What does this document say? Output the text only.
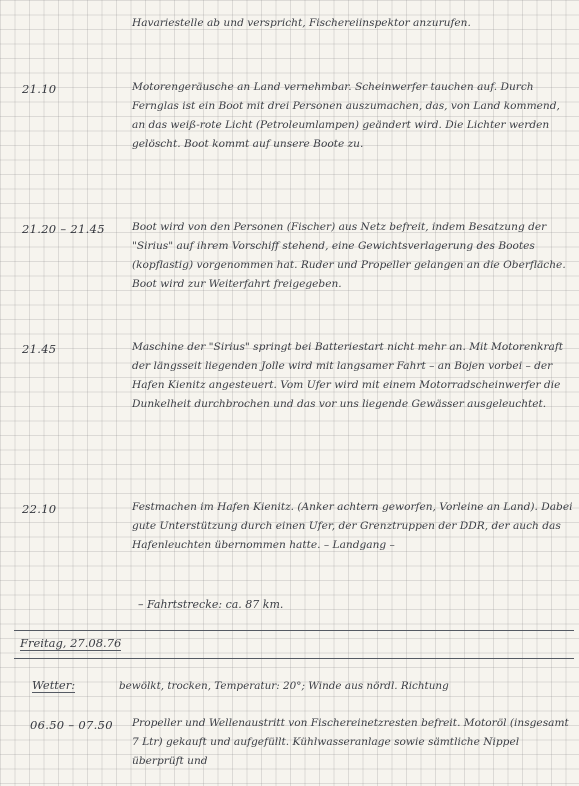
Havariestelle ab und verspricht, Fischereiinspektor anzurufen.
21.10	Motorengeräusche an Land vernehmbar. Scheinwerfer tauchen auf. Durch Fernglas ist ein Boot mit drei Personen auszumachen, das, von Land kommend, an das weiß-rote Licht (Petroleumlampen) geändert wird. Die Lichter werden gelöscht. Boot kommt auf unsere Boote zu.
21.20 – 21.45	Boot wird von den Personen (Fischer) aus Netz befreit, indem Besatzung der "Sirius" auf ihrem Vorschiff stehend, eine Gewichtsverlagerung des Bootes (kopflastig) vorgenommen hat. Ruder und Propeller gelangen an die Oberfläche. Boot wird zur Weiterfahrt freigegeben.
21.45	Maschine der "Sirius" springt bei Batteriestart nicht mehr an. Mit Motorenkraft der längsseit liegenden Jolle wird mit langsamer Fahrt – an Bojen vorbei – der Hafen Kienitz angesteuert. Vom Ufer wird mit einem Motorradscheinwerfer die Dunkelheit durchbrochen und das vor uns liegende Gewässer ausgeleuchtet.
22.10	Festmachen im Hafen Kienitz. (Anker achtern geworfen, Vorleine an Land). Dabei gute Unterstützung durch einen Ufer, der Grenztruppen der DDR, der auch das Hafenleuchten übernommen hatte. – Landgang –
– Fahrtstrecke: ca. 87 km.
Freitag, 27.08.76
Wetter:	bewölkt, trocken, Temperatur: 20°; Winde aus nördl. Richtung
06.50 – 07.50 Propeller und Wellenaustritt von Fischereinetzresten befreit. Motoröl (insgesamt 7 Ltr) gekauft und aufgefüllt. Kühlwasseranlage sowie sämtliche Nippel überprüft und
